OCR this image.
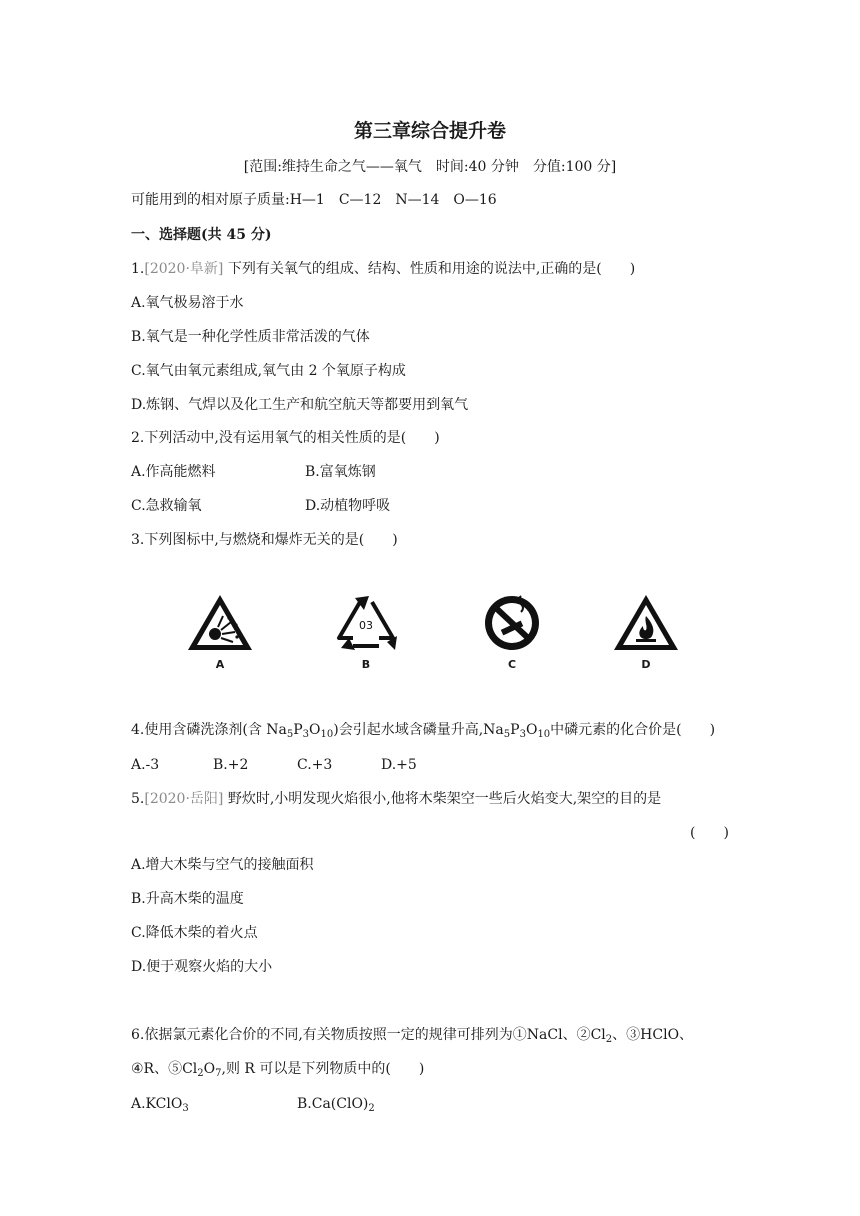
第三章综合提升卷
[范围:维持生命之气——氧气　时间:40 分钟　分值:100 分]
可能用到的相对原子质量:H—1　C—12　N—14　O—16
一、选择题(共 45 分)
1.[2020·阜新] 下列有关氧气的组成、结构、性质和用途的说法中,正确的是(　　)
A.氧气极易溶于水
B.氧气是一种化学性质非常活泼的气体
C.氧气由氧元素组成,氧气由 2 个氧原子构成
D.炼钢、气焊以及化工生产和航空航天等都要用到氧气
2.下列活动中,没有运用氧气的相关性质的是(　　)
A.作高能燃料	B.富氧炼钢
C.急救输氧	D.动植物呼吸
3.下列图标中,与燃烧和爆炸无关的是(　　)
A
03
B	C	D
4.使用含磷洗涤剂(含 $Na_5P_3O_{10}$)会引起水域含磷量升高$,Na_5P_3O_{10}$中磷元素的化合价是(　　)
A.-3	B.+2	C.+3	D.+5
5.[2020·岳阳] 野炊时,小明发现火焰很小,他将木柴架空一些后火焰变大,架空的目的是
(　　)
A.增大木柴与空气的接触面积
B.升高木柴的温度
C.降低木柴的着火点
D.便于观察火焰的大小
6.依据氯元素化合价的不同,有关物质按照一定的规律可排列为①NaCl、$②Cl_2$、③HClO、
④R、$⑤Cl_2O_7$,则 R 可以是下列物质中的(　　)
A.KClO$_3$	$B.Ca(ClO)_2$
